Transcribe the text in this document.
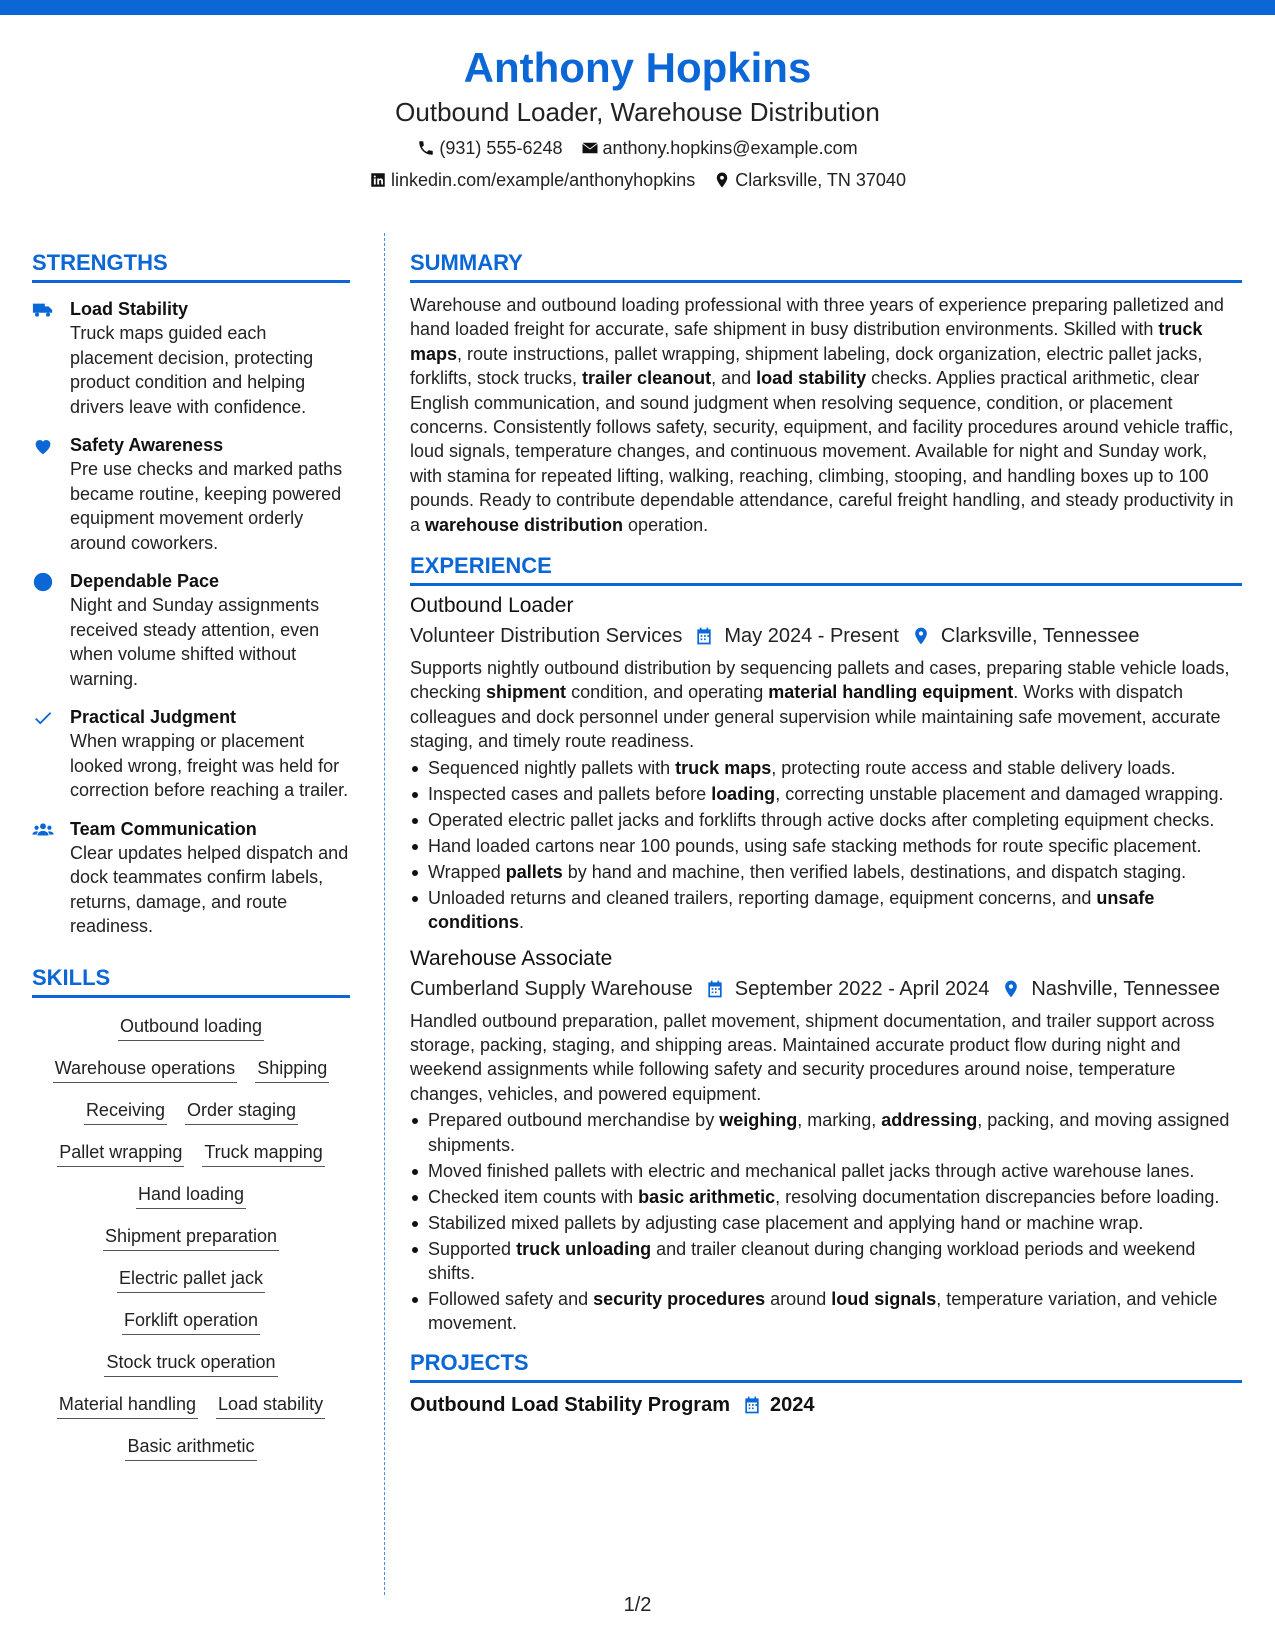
Anthony Hopkins
Outbound Loader, Warehouse Distribution
(931) 555-6248 anthony.hopkins@example.com
linkedin.com/example/anthonyhopkins Clarksville, TN 37040
STRENGTHS
Load Stability
Truck maps guided each placement decision, protecting product condition and helping drivers leave with confidence.
Safety Awareness
Pre use checks and marked paths became routine, keeping powered equipment movement orderly around coworkers.
Dependable Pace
Night and Sunday assignments received steady attention, even when volume shifted without warning.
Practical Judgment
When wrapping or placement looked wrong, freight was held for correction before reaching a trailer.
Team Communication
Clear updates helped dispatch and dock teammates confirm labels, returns, damage, and route readiness.
SKILLS
Outbound loading
Warehouse operations Shipping
Receiving Order staging
Pallet wrapping Truck mapping
Hand loading
Shipment preparation
Electric pallet jack
Forklift operation
Stock truck operation
Material handling Load stability
Basic arithmetic
SUMMARY
Warehouse and outbound loading professional with three years of experience preparing palletized and hand loaded freight for accurate, safe shipment in busy distribution environments. Skilled with truck maps, route instructions, pallet wrapping, shipment labeling, dock organization, electric pallet jacks, forklifts, stock trucks, trailer cleanout, and load stability checks. Applies practical arithmetic, clear English communication, and sound judgment when resolving sequence, condition, or placement concerns. Consistently follows safety, security, equipment, and facility procedures around vehicle traffic, loud signals, temperature changes, and continuous movement. Available for night and Sunday work, with stamina for repeated lifting, walking, reaching, climbing, stooping, and handling boxes up to 100 pounds. Ready to contribute dependable attendance, careful freight handling, and steady productivity in a warehouse distribution operation.
EXPERIENCE
Outbound Loader
Volunteer Distribution Services May 2024 - Present Clarksville, Tennessee
Supports nightly outbound distribution by sequencing pallets and cases, preparing stable vehicle loads, checking shipment condition, and operating material handling equipment. Works with dispatch colleagues and dock personnel under general supervision while maintaining safe movement, accurate staging, and timely route readiness.
Sequenced nightly pallets with truck maps, protecting route access and stable delivery loads.
Inspected cases and pallets before loading, correcting unstable placement and damaged wrapping.
Operated electric pallet jacks and forklifts through active docks after completing equipment checks.
Hand loaded cartons near 100 pounds, using safe stacking methods for route specific placement.
Wrapped pallets by hand and machine, then verified labels, destinations, and dispatch staging.
Unloaded returns and cleaned trailers, reporting damage, equipment concerns, and unsafe conditions.
Warehouse Associate
Cumberland Supply Warehouse September 2022 - April 2024 Nashville, Tennessee
Handled outbound preparation, pallet movement, shipment documentation, and trailer support across storage, packing, staging, and shipping areas. Maintained accurate product flow during night and weekend assignments while following safety and security procedures around noise, temperature changes, vehicles, and powered equipment.
Prepared outbound merchandise by weighing, marking, addressing, packing, and moving assigned shipments.
Moved finished pallets with electric and mechanical pallet jacks through active warehouse lanes.
Checked item counts with basic arithmetic, resolving documentation discrepancies before loading.
Stabilized mixed pallets by adjusting case placement and applying hand or machine wrap.
Supported truck unloading and trailer cleanout during changing workload periods and weekend shifts.
Followed safety and security procedures around loud signals, temperature variation, and vehicle movement.
PROJECTS
Outbound Load Stability Program 2024
1/2
